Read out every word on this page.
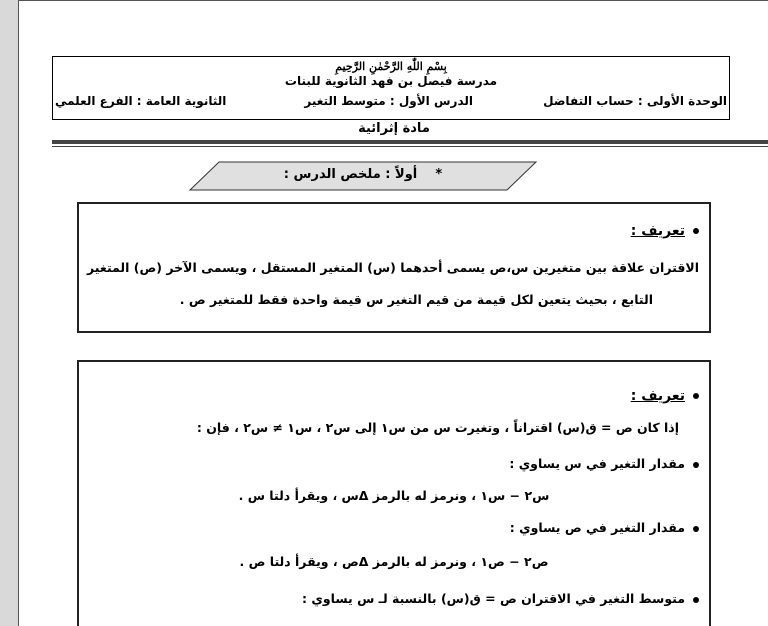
بِسْمِ اللّٰهِ الرَّحْمٰنِ الرَّحِيمِ
مدرسة فيصل بن فهد الثانوية للبنات
الوحدة الأولى : حساب التفاضل
الدرس الأول : متوسط التغير
الثانوية العامة : الفرع العلمي
مادة إثرائية
*    أولاً : ملخص الدرس :
تعريف :
الاقتران علاقة بين متغيرين س،ص يسمى أحدهما (س) المتغير المستقل ، ويسمى الآخر (ص) المتغير
التابع ، بحيث يتعين لكل قيمة من قيم التغير س قيمة واحدة فقط للمتغير ص .
تعريف :
إذا كان ص = ق(س) اقتراناً ، وتغيرت س من س١ إلى س٢ ، س١ ≠ س٢ ، فإن :
مقدار التغير في س يساوي :
س٢ − س١ ، ونرمز له بالرمز Δس ، ويقرأ دلتا س .
مقدار التغير في ص يساوي :
ص٢ − ص١ ، ونرمز له بالرمز Δص ، ويقرأ دلتا ص .
متوسط التغير في الاقتران ص = ق(س) بالنسبة لـ س يساوي :
